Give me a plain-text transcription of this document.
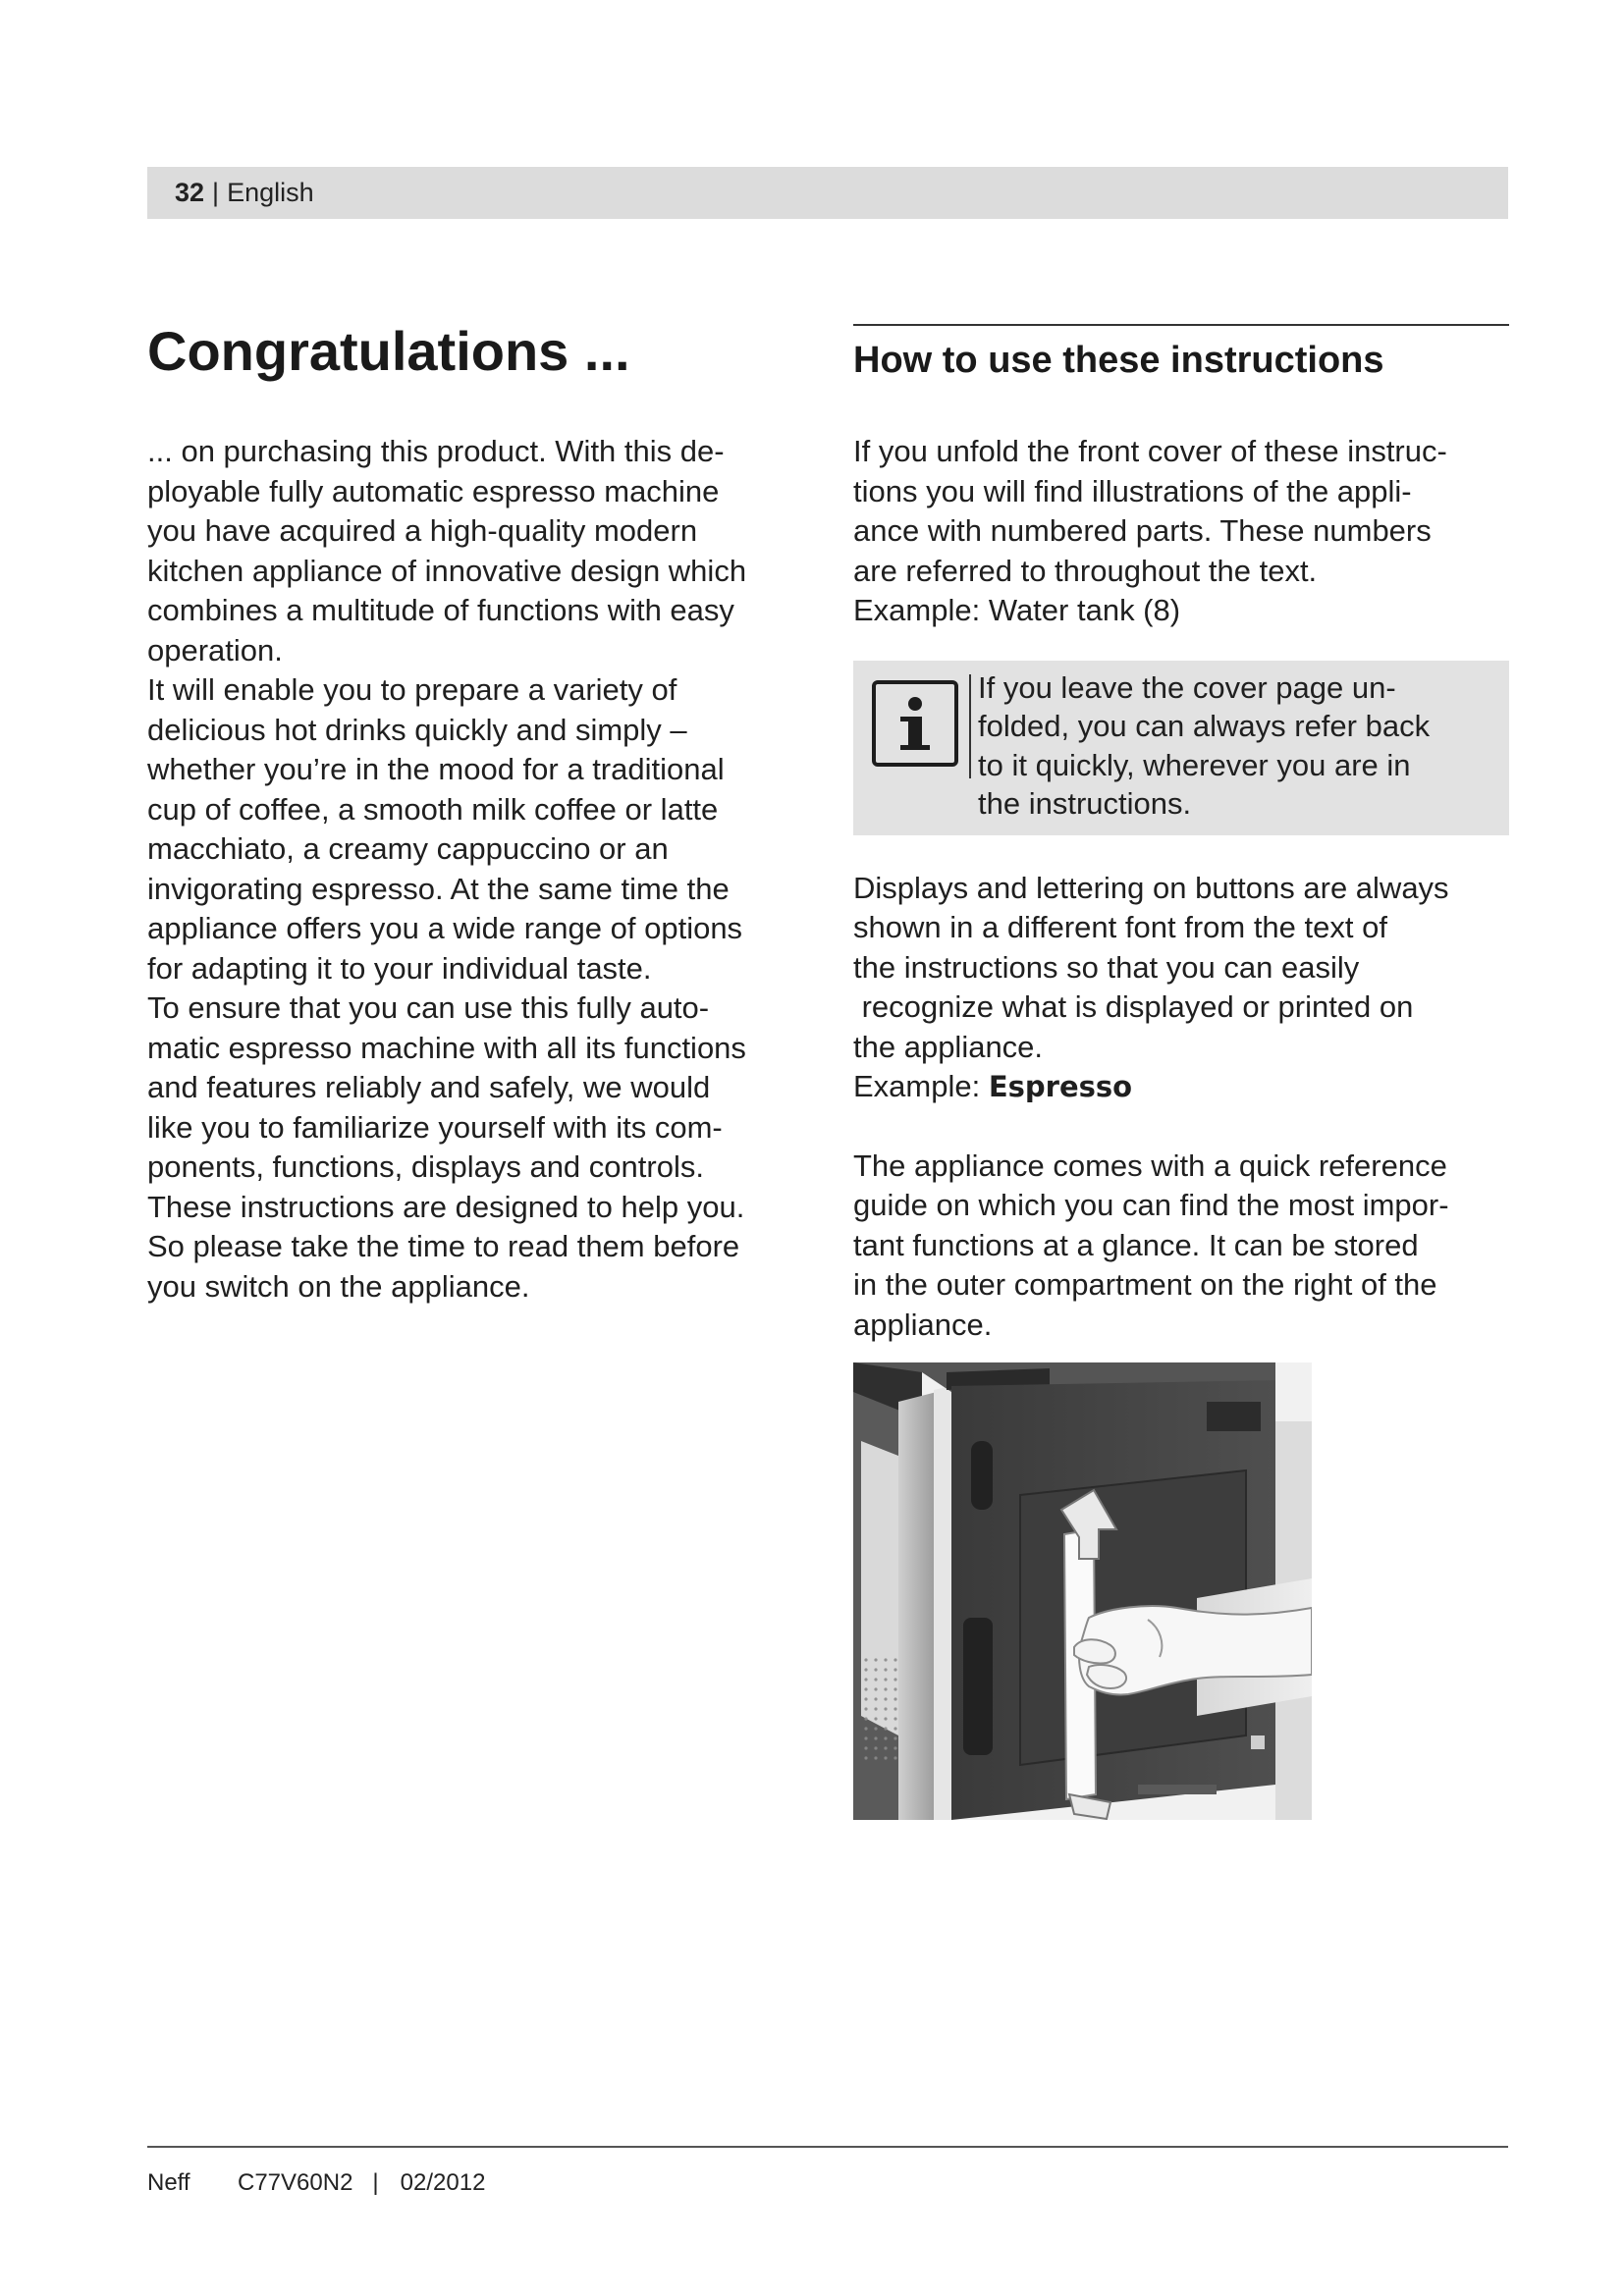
32 | English
Congratulations ...

... on purchasing this product. With this de-

ployable fully automatic espresso machine

you have acquired a high-quality modern

kitchen appliance of innovative design which

combines a multitude of functions with easy

operation.

It will enable you to prepare a variety of

delicious hot drinks quickly and simply –

whether you’re in the mood for a traditional

cup of coffee, a smooth milk coffee or latte

macchiato, a creamy cappuccino or an

invigorating espresso. At the same time the

appliance offers you a wide range of options

for adapting it to your individual taste.

To ensure that you can use this fully auto-

matic espresso machine with all its functions

and features reliably and safely, we would

like you to familiarize yourself with its com-

ponents, functions, displays and controls.

These instructions are designed to help you.

So please take the time to read them before

you switch on the appliance.

How to use these instructions

If you unfold the front cover of these instruc-

tions you will find illustrations of the appli-

ance with numbered parts. These numbers

are referred to throughout the text.

Example: Water tank (8)

If you leave the cover page un-

folded, you can always refer back

to it quickly, wherever you are in

the instructions.

Displays and lettering on buttons are always

shown in a different font from the text of

the instructions so that you can easily

recognize what is displayed or printed on

the appliance.

Example: Espresso

The appliance comes with a quick reference

guide on which you can find the most impor-

tant functions at a glance. It can be stored

in the outer compartment on the right of the

appliance.

Neff	C77V60N2 | 02/2012
